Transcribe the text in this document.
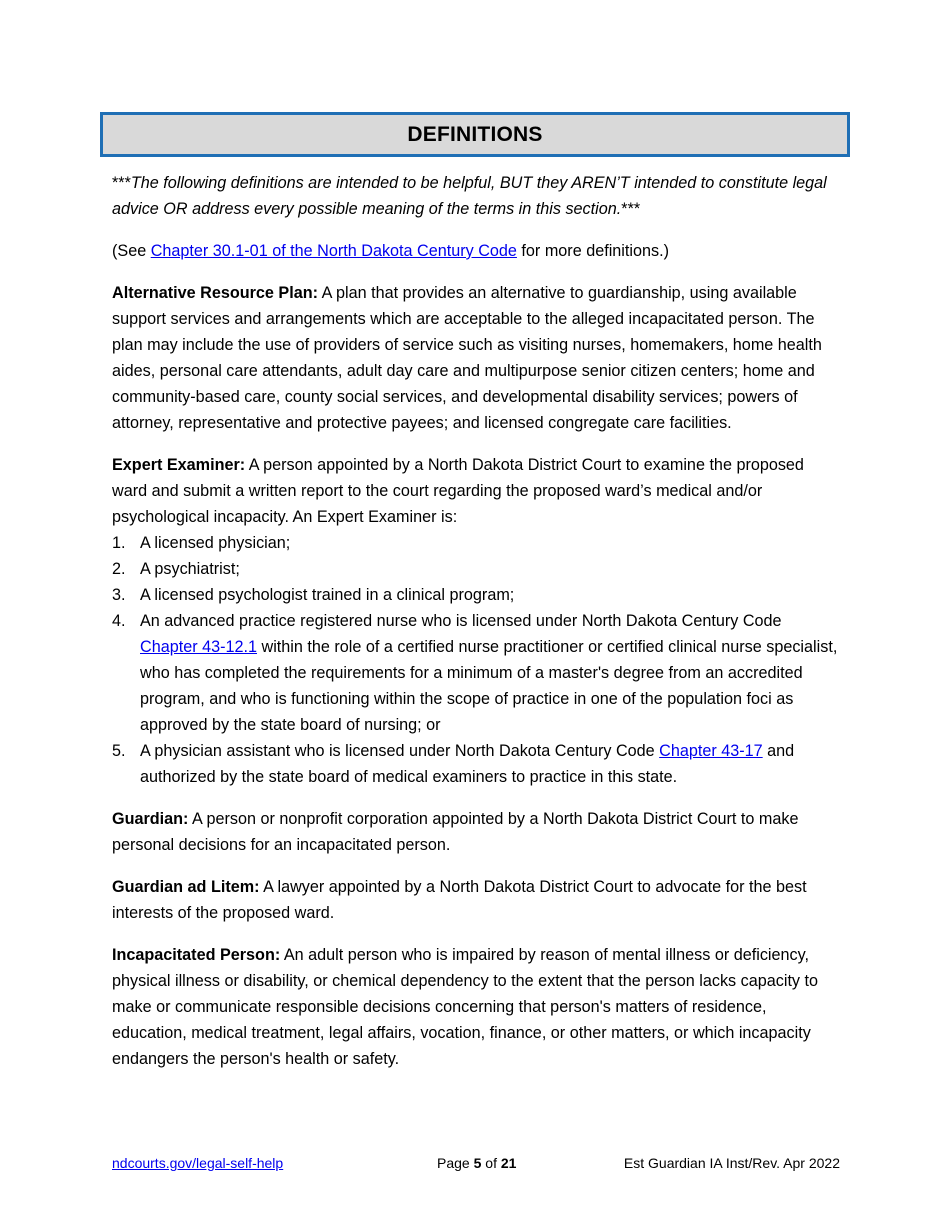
DEFINITIONS

***The following definitions are intended to be helpful, BUT they AREN’T intended to constitute legal advice OR address every possible meaning of the terms in this section.***

(See Chapter 30.1-01 of the North Dakota Century Code for more definitions.)

Alternative Resource Plan: A plan that provides an alternative to guardianship, using available support services and arrangements which are acceptable to the alleged incapacitated person. The plan may include the use of providers of service such as visiting nurses, homemakers, home health aides, personal care attendants, adult day care and multipurpose senior citizen centers; home and community-based care, county social services, and developmental disability services; powers of attorney, representative and protective payees; and licensed congregate care facilities.

Expert Examiner: A person appointed by a North Dakota District Court to examine the proposed ward and submit a written report to the court regarding the proposed ward’s medical and/or psychological incapacity. An Expert Examiner is:

1. A licensed physician;
2. A psychiatrist;
3. A licensed psychologist trained in a clinical program;
4. An advanced practice registered nurse who is licensed under North Dakota Century Code Chapter 43-12.1 within the role of a certified nurse practitioner or certified clinical nurse specialist, who has completed the requirements for a minimum of a master's degree from an accredited program, and who is functioning within the scope of practice in one of the population foci as approved by the state board of nursing; or
5. A physician assistant who is licensed under North Dakota Century Code Chapter 43-17 and authorized by the state board of medical examiners to practice in this state.

Guardian: A person or nonprofit corporation appointed by a North Dakota District Court to make personal decisions for an incapacitated person.

Guardian ad Litem: A lawyer appointed by a North Dakota District Court to advocate for the best interests of the proposed ward.

Incapacitated Person: An adult person who is impaired by reason of mental illness or deficiency, physical illness or disability, or chemical dependency to the extent that the person lacks capacity to make or communicate responsible decisions concerning that person's matters of residence, education, medical treatment, legal affairs, vocation, finance, or other matters, or which incapacity endangers the person's health or safety.

ndcourts.gov/legal-self-help	Page 5 of 21	Est Guardian IA Inst/Rev. Apr 2022
